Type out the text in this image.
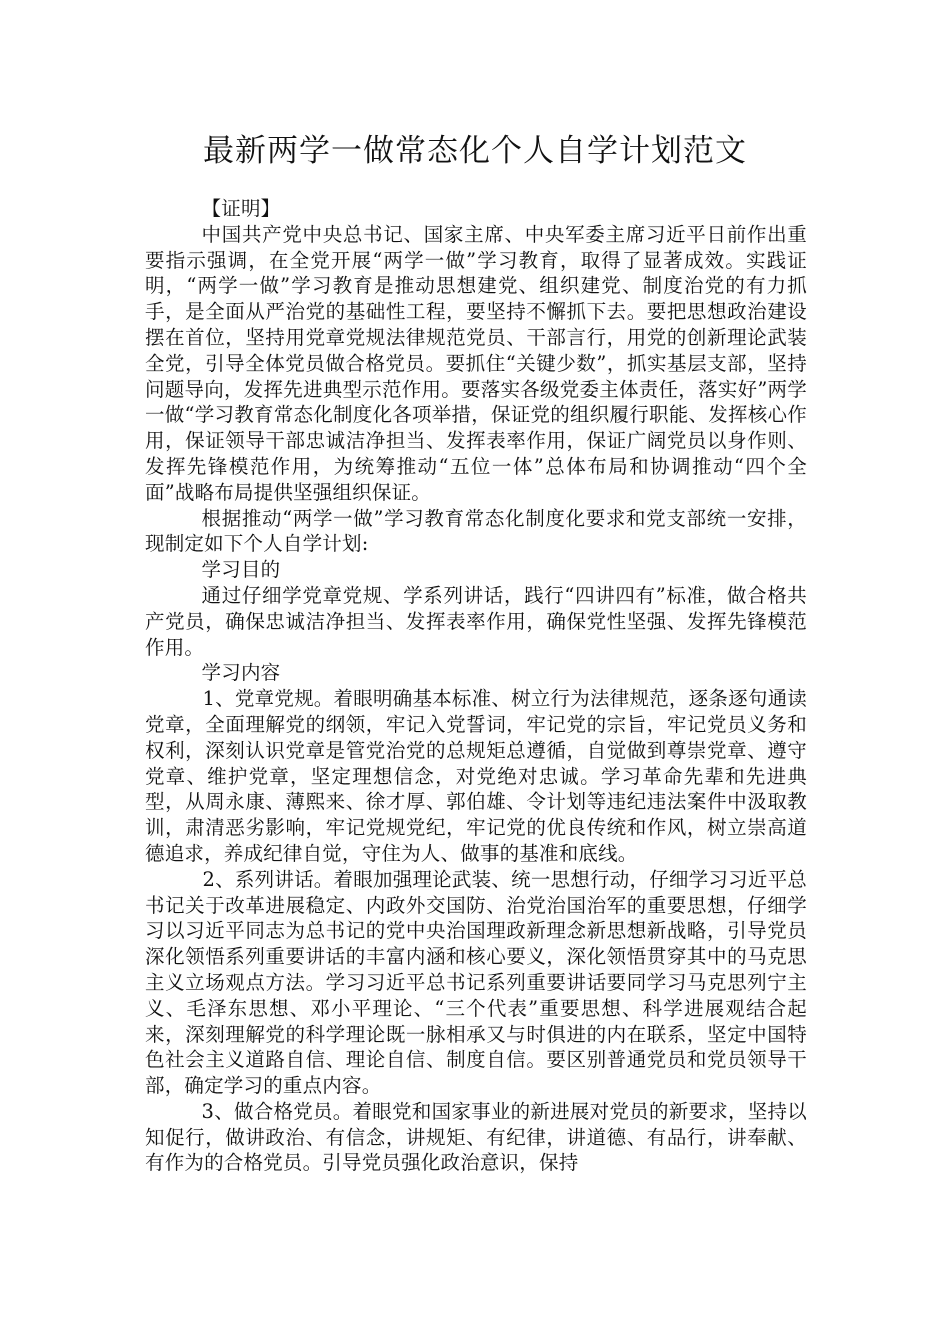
最新两学一做常态化个人自学计划范文

【证明】

中国共产党中央总书记、国家主席、中央军委主席习近平日前作出重要指示强调，在全党开展“两学一做”学习教育，取得了显著成效。实践证明，“两学一做”学习教育是推动思想建党、组织建党、制度治党的有力抓手，是全面从严治党的基础性工程，要坚持不懈抓下去。要把思想政治建设摆在首位，坚持用党章党规法律规范党员、干部言行，用党的创新理论武装全党，引导全体党员做合格党员。要抓住“关键少数”，抓实基层支部，坚持问题导向，发挥先进典型示范作用。要落实各级党委主体责任，落实好”两学一做“学习教育常态化制度化各项举措，保证党的组织履行职能、发挥核心作用，保证领导干部忠诚洁净担当、发挥表率作用，保证广阔党员以身作则、发挥先锋模范作用，为统筹推动“五位一体”总体布局和协调推动“四个全面”战略布局提供坚强组织保证。

根据推动“两学一做”学习教育常态化制度化要求和党支部统一安排，现制定如下个人自学计划:

学习目的

通过仔细学党章党规、学系列讲话，践行“四讲四有”标准，做合格共产党员，确保忠诚洁净担当、发挥表率作用，确保党性坚强、发挥先锋模范作用。

学习内容

1、党章党规。着眼明确基本标准、树立行为法律规范，逐条逐句通读党章，全面理解党的纲领，牢记入党誓词，牢记党的宗旨，牢记党员义务和权利，深刻认识党章是管党治党的总规矩总遵循，自觉做到尊崇党章、遵守党章、维护党章，坚定理想信念，对党绝对忠诚。学习革命先辈和先进典型，从周永康、薄熙来、徐才厚、郭伯雄、令计划等违纪违法案件中汲取教训，肃清恶劣影响，牢记党规党纪，牢记党的优良传统和作风，树立崇高道德追求，养成纪律自觉，守住为人、做事的基准和底线。

2、系列讲话。着眼加强理论武装、统一思想行动，仔细学习习近平总书记关于改革进展稳定、内政外交国防、治党治国治军的重要思想，仔细学习以习近平同志为总书记的党中央治国理政新理念新思想新战略，引导党员深化领悟系列重要讲话的丰富内涵和核心要义，深化领悟贯穿其中的马克思主义立场观点方法。学习习近平总书记系列重要讲话要同学习马克思列宁主义、毛泽东思想、邓小平理论、“三个代表”重要思想、科学进展观结合起来，深刻理解党的科学理论既一脉相承又与时俱进的内在联系，坚定中国特色社会主义道路自信、理论自信、制度自信。要区别普通党员和党员领导干部，确定学习的重点内容。

3、做合格党员。着眼党和国家事业的新进展对党员的新要求，坚持以知促行，做讲政治、有信念，讲规矩、有纪律，讲道德、有品行，讲奉献、有作为的合格党员。引导党员强化政治意识，保持
